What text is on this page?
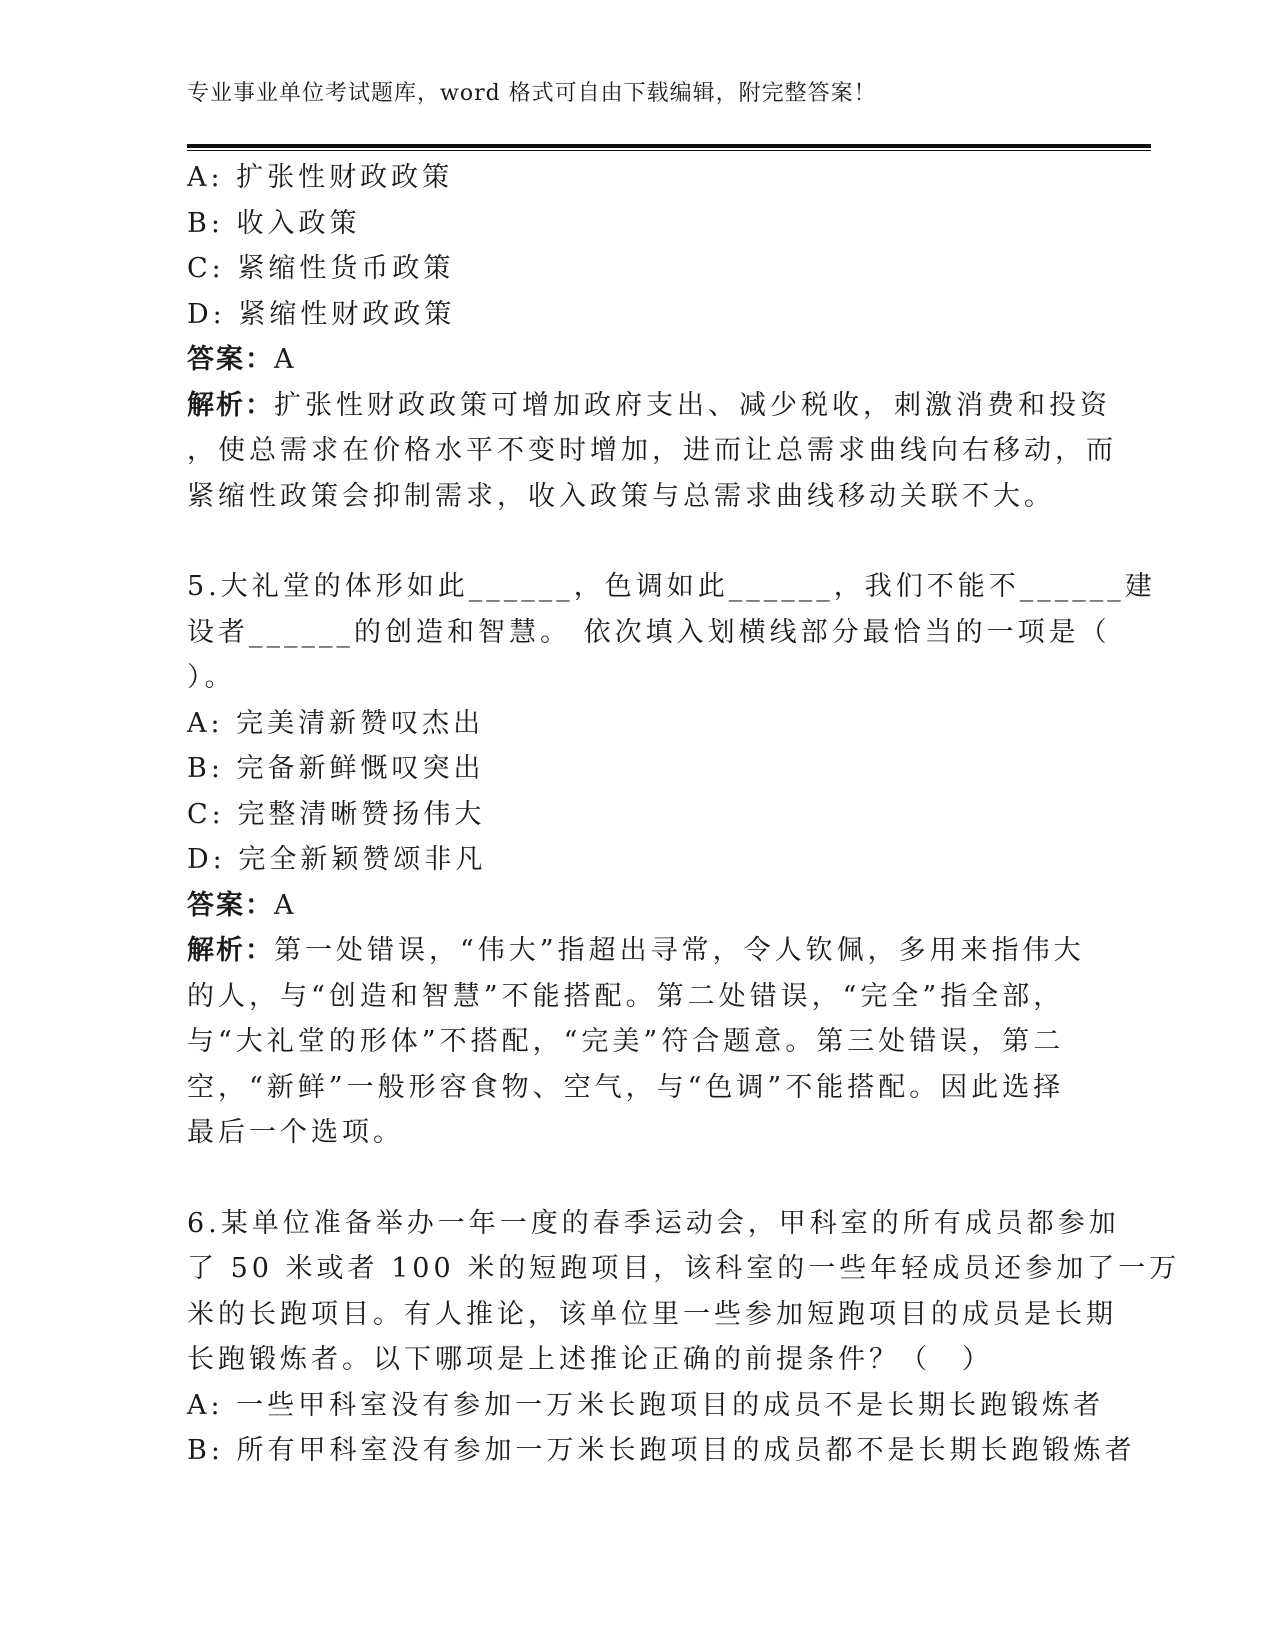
专业事业单位考试题库，word 格式可自由下载编辑，附完整答案！
A: 扩张性财政政策
B: 收入政策
C: 紧缩性货币政策
D: 紧缩性财政政策
答案：A
解析：扩张性财政政策可增加政府支出、减少税收，刺激消费和投资
，使总需求在价格水平不变时增加，进而让总需求曲线向右移动，而
紧缩性政策会抑制需求，收入政策与总需求曲线移动关联不大。
5.大礼堂的体形如此______，色调如此______，我们不能不______建
设者______的创造和智慧。 依次填入划横线部分最恰当的一项是（
）。
A: 完美清新赞叹杰出
B: 完备新鲜慨叹突出
C: 完整清晰赞扬伟大
D: 完全新颖赞颂非凡
答案：A
解析：第一处错误，“伟大”指超出寻常，令人钦佩，多用来指伟大
的人，与“创造和智慧”不能搭配。第二处错误，“完全”指全部，
与“大礼堂的形体”不搭配，“完美”符合题意。第三处错误，第二
空，“新鲜”一般形容食物、空气，与“色调”不能搭配。因此选择
最后一个选项。
6.某单位准备举办一年一度的春季运动会，甲科室的所有成员都参加
了 50 米或者 100 米的短跑项目，该科室的一些年轻成员还参加了一万
米的长跑项目。有人推论，该单位里一些参加短跑项目的成员是长期
长跑锻炼者。以下哪项是上述推论正确的前提条件？（　）
A: 一些甲科室没有参加一万米长跑项目的成员不是长期长跑锻炼者
B: 所有甲科室没有参加一万米长跑项目的成员都不是长期长跑锻炼者
